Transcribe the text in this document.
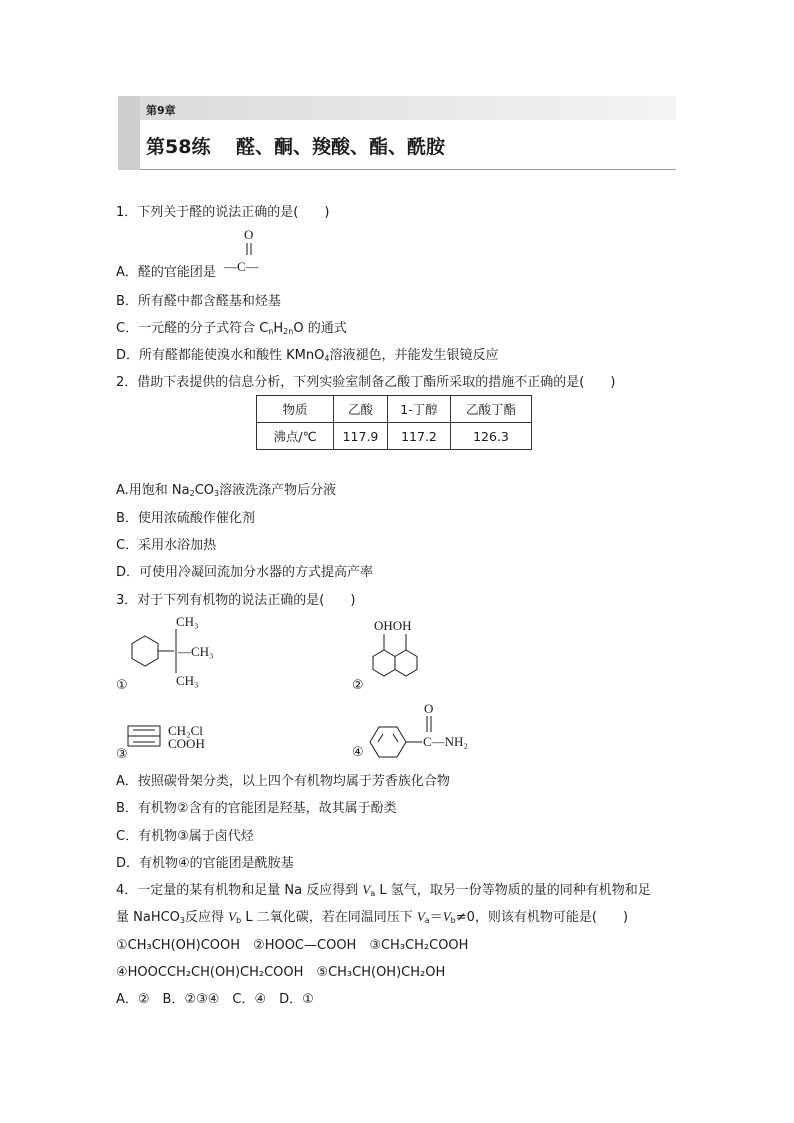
第9章
第58练　 醛、酮、羧酸、酯、酰胺
1．下列关于醛的说法正确的是(　　)
A．醛的官能团是
O
—C—
B．所有醛中都含醛基和烃基
C．一元醛的分子式符合 $C_nH_{2n}O$ 的通式
D．所有醛都能使溴水和酸性 KMnO$_4$溶液褪色，并能发生银镜反应
2．借助下表提供的信息分析，下列实验室制备乙酸丁酯所采取的措施不正确的是(　　)
物质	乙酸	1-丁醇	乙酸丁酯
沸点/℃	117.9	117.2	126.3
A.用饱和 $Na_2CO_3$溶液洗涤产物后分液
B．使用浓硫酸作催化剂
C．采用水浴加热
D．可使用冷凝回流加分水器的方式提高产率
3．对于下列有机物的说法正确的是(　　)
CH₃
—CH₃
CH₃
①
OHOH
②
CH₂Cl
COOH
③
O
C—NH₂
④
A．按照碳骨架分类，以上四个有机物均属于芳香族化合物
B．有机物②含有的官能团是羟基，故其属于酚类
C．有机物③属于卤代烃
D．有机物④的官能团是酰胺基
4．一定量的某有机物和足量 Na 反应得到 $V_a$ L 氢气，取另一份等物质的量的同种有机物和足
量 NaHCO$_3$反应得 $V_b$ L 二氧化碳，若在同温同压下 $V_a=V_b\ne 0$，则该有机物可能是(　　)
①CH₃CH(OH)COOH　②HOOC—COOH　③CH₃CH₂COOH
④HOOCCH₂CH(OH)CH₂COOH　⑤CH₃CH(OH)CH₂OH
A．②　B．②③④　C．④　D．①
